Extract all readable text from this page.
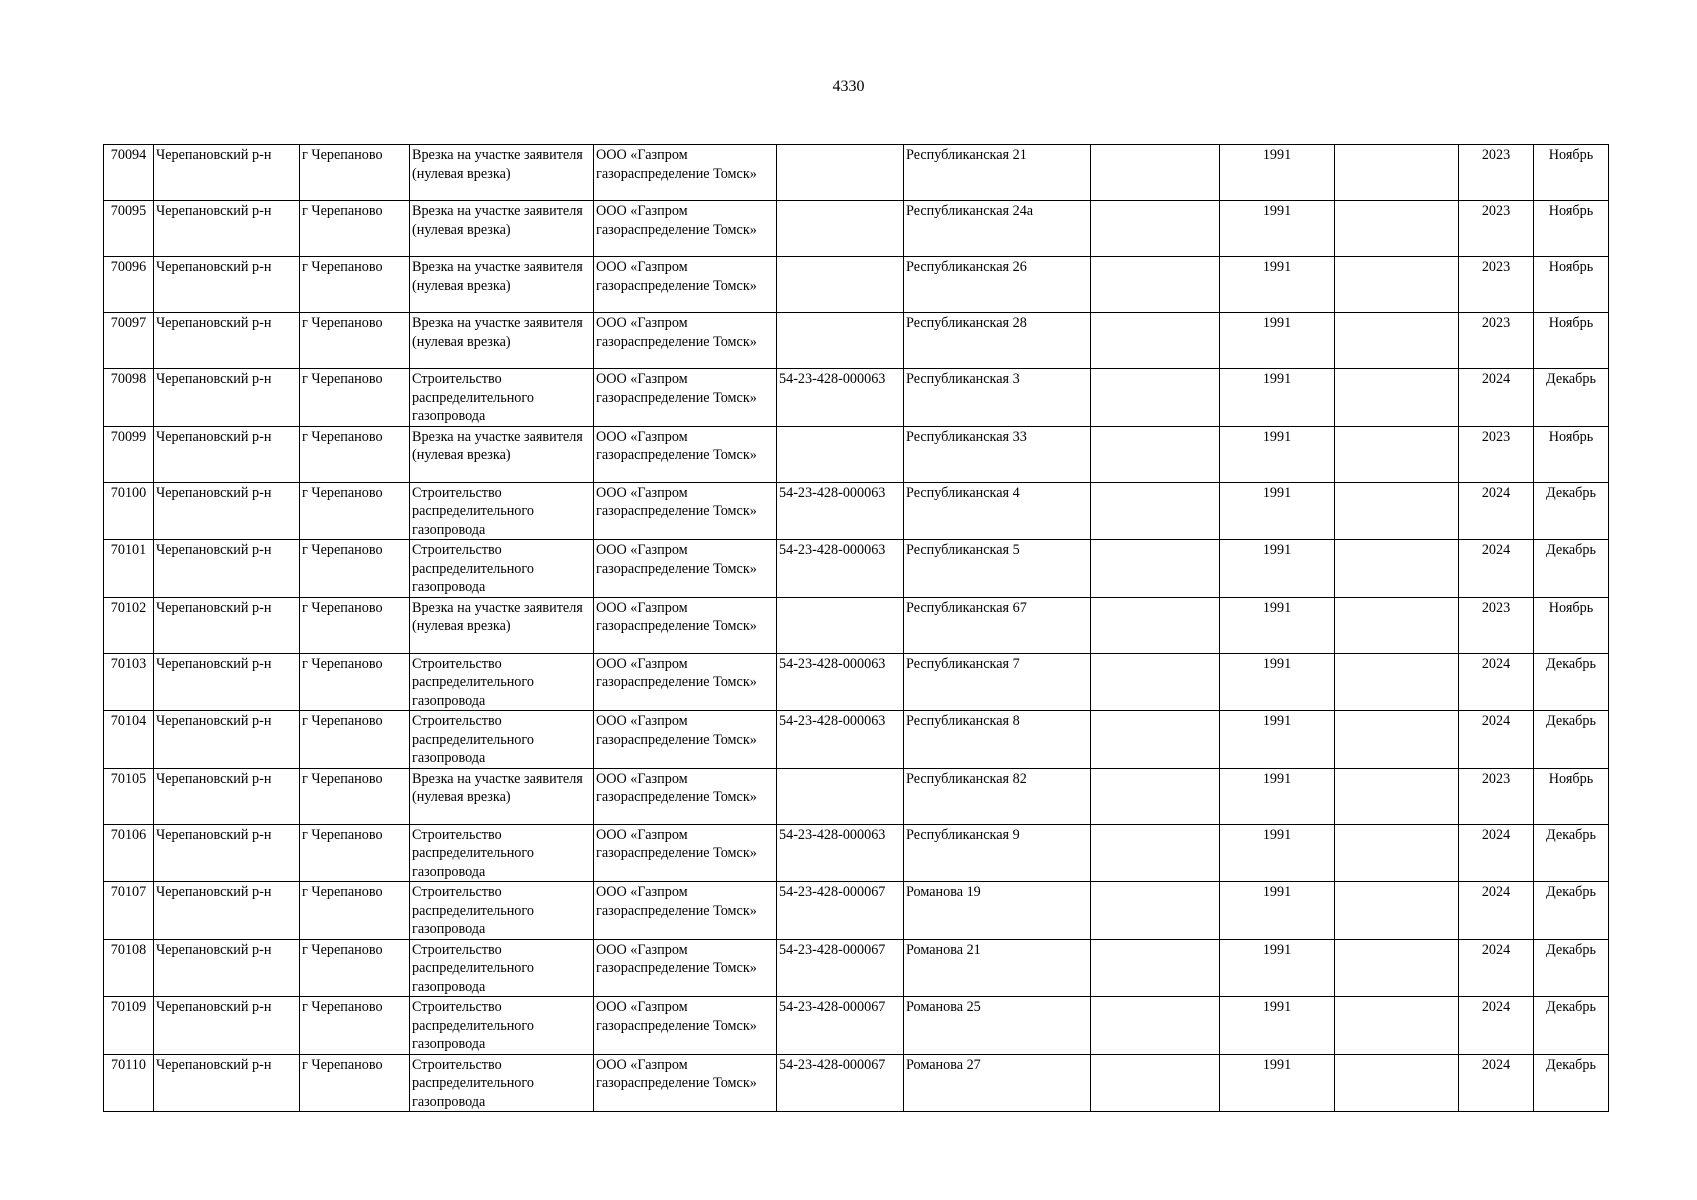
4330
70094	Черепановский р-н	г Черепаново	Врезка на участке заявителя (нулевая врезка)	ООО «Газпром газораспределение Томск»		Республиканская 21		1991		2023	Ноябрь
70095	Черепановский р-н	г Черепаново	Врезка на участке заявителя (нулевая врезка)	ООО «Газпром газораспределение Томск»		Республиканская 24а		1991		2023	Ноябрь
70096	Черепановский р-н	г Черепаново	Врезка на участке заявителя (нулевая врезка)	ООО «Газпром газораспределение Томск»		Республиканская 26		1991		2023	Ноябрь
70097	Черепановский р-н	г Черепаново	Врезка на участке заявителя (нулевая врезка)	ООО «Газпром газораспределение Томск»		Республиканская 28		1991		2023	Ноябрь
70098	Черепановский р-н	г Черепаново	Строительство распределительного газопровода	ООО «Газпром газораспределение Томск»	54-23-428-000063	Республиканская 3		1991		2024	Декабрь
70099	Черепановский р-н	г Черепаново	Врезка на участке заявителя (нулевая врезка)	ООО «Газпром газораспределение Томск»		Республиканская 33		1991		2023	Ноябрь
70100	Черепановский р-н	г Черепаново	Строительство распределительного газопровода	ООО «Газпром газораспределение Томск»	54-23-428-000063	Республиканская 4		1991		2024	Декабрь
70101	Черепановский р-н	г Черепаново	Строительство распределительного газопровода	ООО «Газпром газораспределение Томск»	54-23-428-000063	Республиканская 5		1991		2024	Декабрь
70102	Черепановский р-н	г Черепаново	Врезка на участке заявителя (нулевая врезка)	ООО «Газпром газораспределение Томск»		Республиканская 67		1991		2023	Ноябрь
70103	Черепановский р-н	г Черепаново	Строительство распределительного газопровода	ООО «Газпром газораспределение Томск»	54-23-428-000063	Республиканская 7		1991		2024	Декабрь
70104	Черепановский р-н	г Черепаново	Строительство распределительного газопровода	ООО «Газпром газораспределение Томск»	54-23-428-000063	Республиканская 8		1991		2024	Декабрь
70105	Черепановский р-н	г Черепаново	Врезка на участке заявителя (нулевая врезка)	ООО «Газпром газораспределение Томск»		Республиканская 82		1991		2023	Ноябрь
70106	Черепановский р-н	г Черепаново	Строительство распределительного газопровода	ООО «Газпром газораспределение Томск»	54-23-428-000063	Республиканская 9		1991		2024	Декабрь
70107	Черепановский р-н	г Черепаново	Строительство распределительного газопровода	ООО «Газпром газораспределение Томск»	54-23-428-000067	Романова 19		1991		2024	Декабрь
70108	Черепановский р-н	г Черепаново	Строительство распределительного газопровода	ООО «Газпром газораспределение Томск»	54-23-428-000067	Романова 21		1991		2024	Декабрь
70109	Черепановский р-н	г Черепаново	Строительство распределительного газопровода	ООО «Газпром газораспределение Томск»	54-23-428-000067	Романова 25		1991		2024	Декабрь
70110	Черепановский р-н	г Черепаново	Строительство распределительного газопровода	ООО «Газпром газораспределение Томск»	54-23-428-000067	Романова 27		1991		2024	Декабрь
